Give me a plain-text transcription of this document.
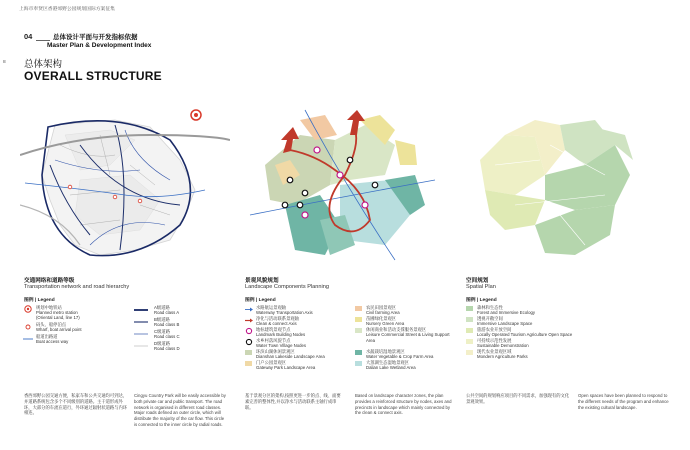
上海市奉贤区香港郊野公园规划国际方案征集
8
04	总体设计平面与开发指标依据
Master Plan & Development Index
总体架构
OVERALL STRUCTURE
交通网络和道路等级
Transportation network and road hierarchy
图例 | Legend
规划中地铁站
Planned metro station
(Oriental Land, line 17)
码头、船停泊点
Wharf, boat arrival point
船道出路道
Boat access way
A级道路
Road class A
B级道路
Road class B
C级道路
Road class C
D级道路
Road class D
香西郊野公园交通方便，私家车和公共交通均可到达，并道路系统包含多个不同级别的道路。主干道形成外环，大部分的车流在道行，外环通过辐射状道路与内环相连。
Cingyu Country Park will be easily accessible by both private car and public transport. The road network is organised in different road classes. Major roads defined an outer circle, which will distribute the majority of the car flow. This circle is connected to the inner circle by radial roads.
景观风貌规划
Landscape Components Planning
图例 | Legend
水路航运景观轴
Waterway Transportation Axis
净化与活动联系景观轴
Clean & connect Axis
地标建筑景观节点
Landmark Building Nodes
水乡村落风貌节点
Water Town Village Nodes
环滨山湖休闲景观区
Dianshan Lakeside Landscape Area
门户公园景观区
Gateway Park Landscape Area
农民田园景观区
Civil farming Area
苗圃绿化景观区
Nursery Green Area
休闲商业和活动支撑服务景观区
Leisure Commercial Street & Living Support Area
水蔬栽培湿地景观区
Water Vegetable & Crop Farm Area
大蒸湖生态湿地景观区
Dalian Lake Wetland Area
基于景观分区的架构,按照更进一步的点、线、面要素完善的整体性,并以净水与活动联系主轴行成串联。
Based on landscape character zones, the plan provides a reinforced structure by nodes, axes and precincts in landscape which mainly connected by the clean & connect axis.
空间规划
Spatial Plan
图例 | Legend
森林和生态性
Forest and Immersive Ecology
透视开敞空间
Immersive Landscape Space
旅游农业开放空间
Locally Operated Tourism Agriculture Open Space
可持续示范性发展
Sustainable Demonstration
现代农业景观区域
Mondern Agriculture Parks
公共空间的规划响应项目的不同需求，加强现有的文化景观效果。
Open spaces have been planned to respond to the different needs of the program and enhance the existing cultural landscape.
